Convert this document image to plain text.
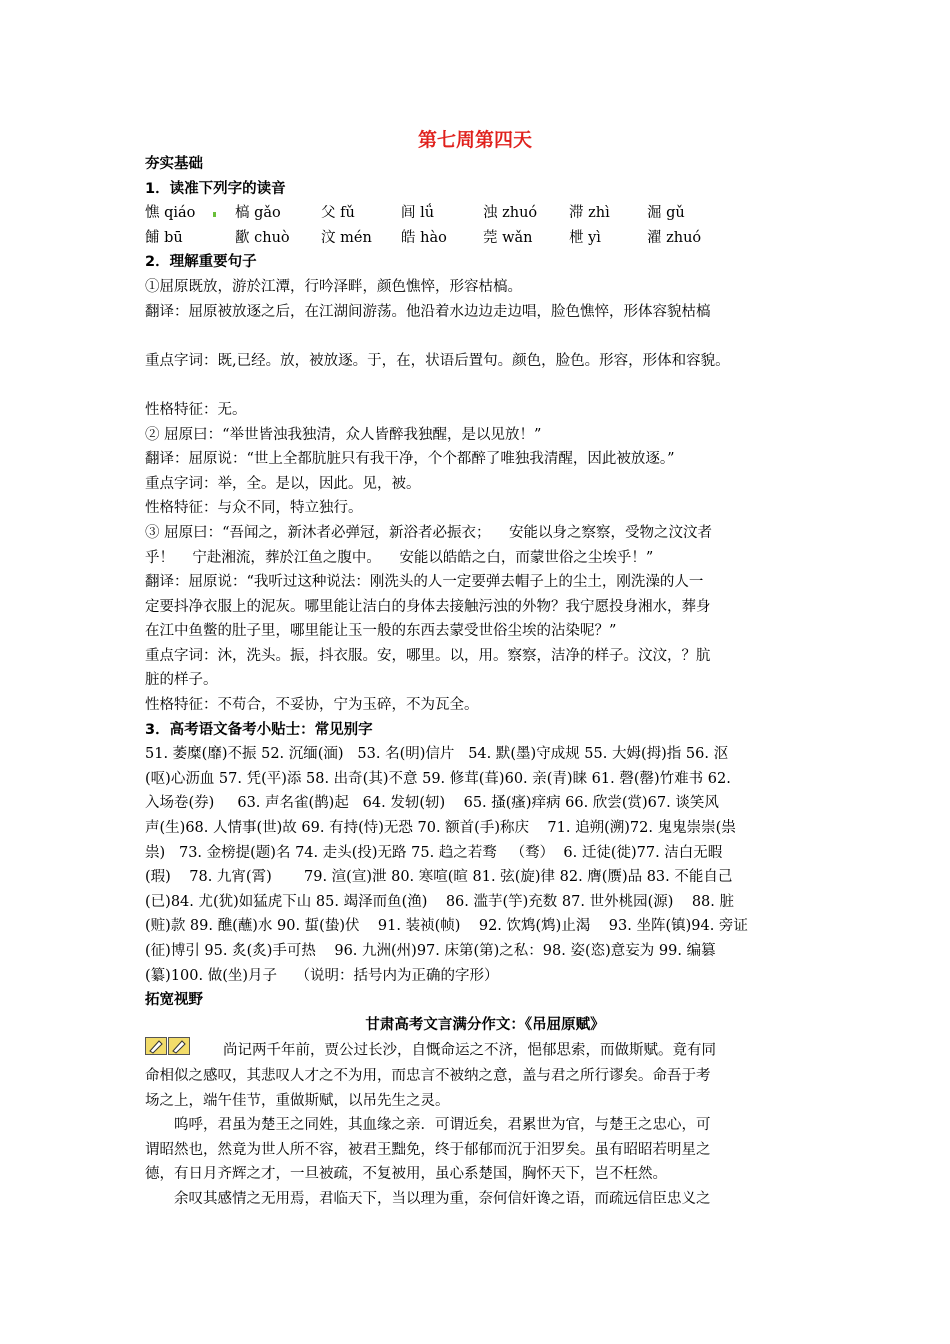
第七周第四天

夯实基础

1．读准下列字的读音

憔 qiáo	槁 gǎo	父 fǔ	闾 lǘ	浊 zhuó	滞 zhì	淈 gǔ
餔 bū	歠 chuò	汶 mén	皓 hào	莞 wǎn	枻 yì	濯 zhuó

2．理解重要句子

①屈原既放，游於江潭，行吟泽畔，颜色憔悴，形容枯槁。

翻译：屈原被放逐之后，在江湖间游荡。他沿着水边边走边唱，脸色憔悴，形体容貌枯槁

重点字词：既,已经。放，被放逐。于，在，状语后置句。颜色，脸色。形容，形体和容貌。

性格特征：无。

② 屈原曰：“举世皆浊我独清，众人皆醉我独醒，是以见放！”

翻译：屈原说：“世上全都肮脏只有我干净，个个都醉了唯独我清醒，因此被放逐。”

重点字词：举，全。是以，因此。见，被。

性格特征：与众不同，特立独行。

③ 屈原曰：“吾闻之，新沐者必弹冠，新浴者必振衣；    安能以身之察察，受物之汶汶者

乎！    宁赴湘流，葬於江鱼之腹中。    安能以皓皓之白，而蒙世俗之尘埃乎！”

翻译：屈原说：“我听过这种说法：刚洗头的人一定要弹去帽子上的尘土，刚洗澡的人一

定要抖净衣服上的泥灰。哪里能让洁白的身体去接触污浊的外物？我宁愿投身湘水，葬身

在江中鱼鳖的肚子里，哪里能让玉一般的东西去蒙受世俗尘埃的沾染呢？”

重点字词：沐，洗头。振，抖衣服。安，哪里。以，用。察察，洁净的样子。汶汶，？肮

脏的样子。

性格特征：不苟合，不妥协，宁为玉碎，不为瓦全。

3．高考语文备考小贴士：常见别字

51. 萎糜(靡)不振 52. 沉缅(湎)   53. 名(明)信片   54. 默(墨)守成规 55. 大姆(拇)指 56. 沤

(呕)心沥血 57. 凭(平)添 58. 出奇(其)不意 59. 修茸(葺)60. 亲(青)睐 61. 磬(罄)竹难书 62.

入场卷(券)     63. 声名雀(鹊)起   64. 发轫(轫)    65. 搔(瘙)痒病 66. 欣尝(赏)67. 谈笑风

声(生)68. 人情事(世)故 69. 有持(恃)无恐 70. 额首(手)称庆    71. 追朔(溯)72. 鬼鬼崇崇(祟

祟)   73. 金榜提(题)名 74. 走头(投)无路 75. 趋之若骛   （骛）  6. 迁徒(徙)77. 洁白无暇

(瑕)    78. 九宵(霄)       79. 渲(宣)泄 80. 寒喧(暄 81. 弦(旋)律 82. 膺(赝)品 83. 不能自己

(已)84. 尤(犹)如猛虎下山 85. 竭泽而鱼(渔)    86. 滥芋(竽)充数 87. 世外桃园(源)    88. 脏

(赃)款 89. 醮(蘸)水 90. 蜇(蛰)伏    91. 装祯(帧)    92. 饮鸩(鸩)止渴    93. 坐阵(镇)94. 旁证

(征)博引 95. 炙(炙)手可热    96. 九洲(州)97. 床第(第)之私：98. 姿(恣)意妄为 99. 编篡

(纂)100. 做(坐)月子    （说明：括号内为正确的字形）

拓宽视野

甘肃高考文言满分作文：《吊屈原赋》

尚记两千年前，贾公过长沙，自慨命运之不济，悒郁思索，而做斯赋。竟有同

命相似之感叹，其悲叹人才之不为用，而忠言不被纳之意，盖与君之所行谬矣。命吾于考

场之上，端午佳节，重做斯赋，以吊先生之灵。

呜呼，君虽为楚王之同姓，其血缘之亲．可谓近矣，君累世为官，与楚王之忠心，可

谓昭然也，然竟为世人所不容，被君王黜免，终于郁郁而沉于汨罗矣。虽有昭昭若明星之

德，有日月齐辉之才，一旦被疏，不复被用，虽心系楚国，胸怀天下，岂不枉然。

余叹其感情之无用焉，君临天下，当以理为重，奈何信奸谗之语，而疏远信臣忠义之
